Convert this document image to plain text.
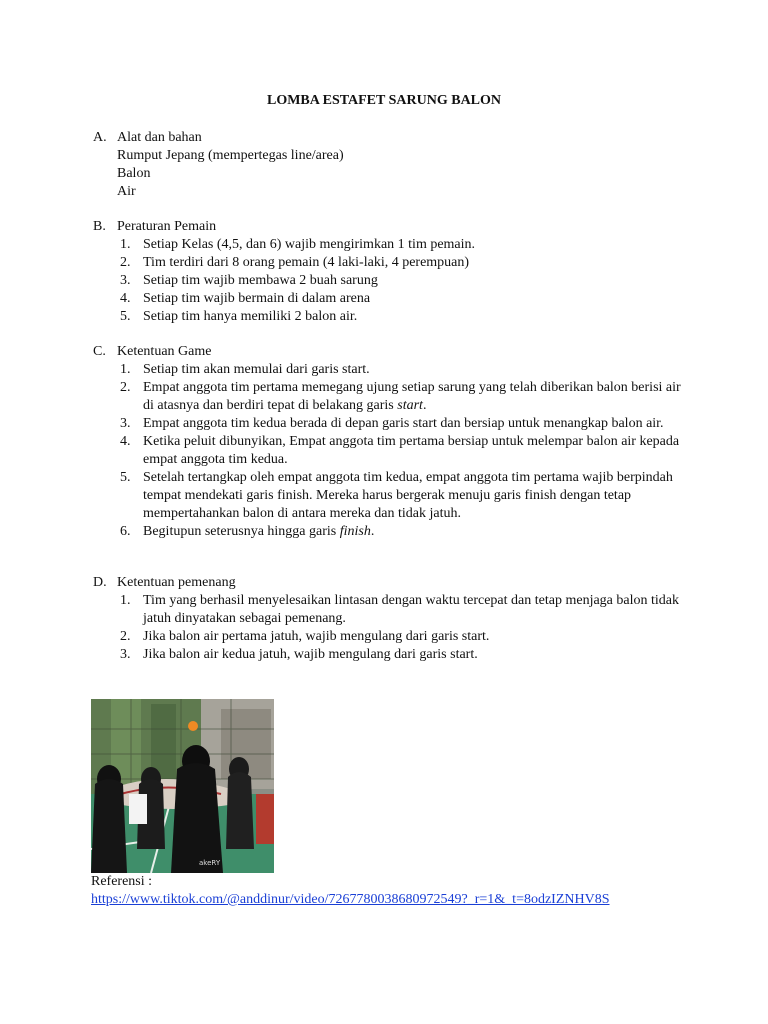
LOMBA ESTAFET SARUNG BALON
A. Alat dan bahan
Rumput Jepang (mempertegas line/area)
Balon
Air
B. Peraturan Pemain
1. Setiap Kelas (4,5, dan 6) wajib mengirimkan 1 tim pemain.
2. Tim terdiri dari 8 orang pemain (4 laki-laki, 4 perempuan)
3. Setiap tim wajib membawa 2 buah sarung
4. Setiap tim wajib bermain di dalam arena
5. Setiap tim hanya memiliki 2 balon air.
C. Ketentuan Game
1. Setiap tim akan memulai dari garis start.
2. Empat anggota tim pertama memegang ujung setiap sarung yang telah diberikan balon berisi air di atasnya dan berdiri tepat di belakang garis start.
3. Empat anggota tim kedua berada di depan garis start dan bersiap untuk menangkap balon air.
4. Ketika peluit dibunyikan, Empat anggota tim pertama bersiap untuk melempar balon air kepada empat anggota tim kedua.
5. Setelah tertangkap oleh empat anggota tim kedua, empat anggota tim pertama wajib berpindah tempat mendekati garis finish. Mereka harus bergerak menuju garis finish dengan tetap mempertahankan balon di antara mereka dan tidak jatuh.
6. Begitupun seterusnya hingga garis finish.
D. Ketentuan pemenang
1. Tim yang berhasil menyelesaikan lintasan dengan waktu tercepat dan tetap menjaga balon tidak jatuh dinyatakan sebagai pemenang.
2. Jika balon air pertama jatuh, wajib mengulang dari garis start.
3. Jika balon air kedua jatuh, wajib mengulang dari garis start.
akeRY
Referensi :
https://www.tiktok.com/@anddinur/video/7267780038680972549?_r=1&_t=8odzIZNHV8S
